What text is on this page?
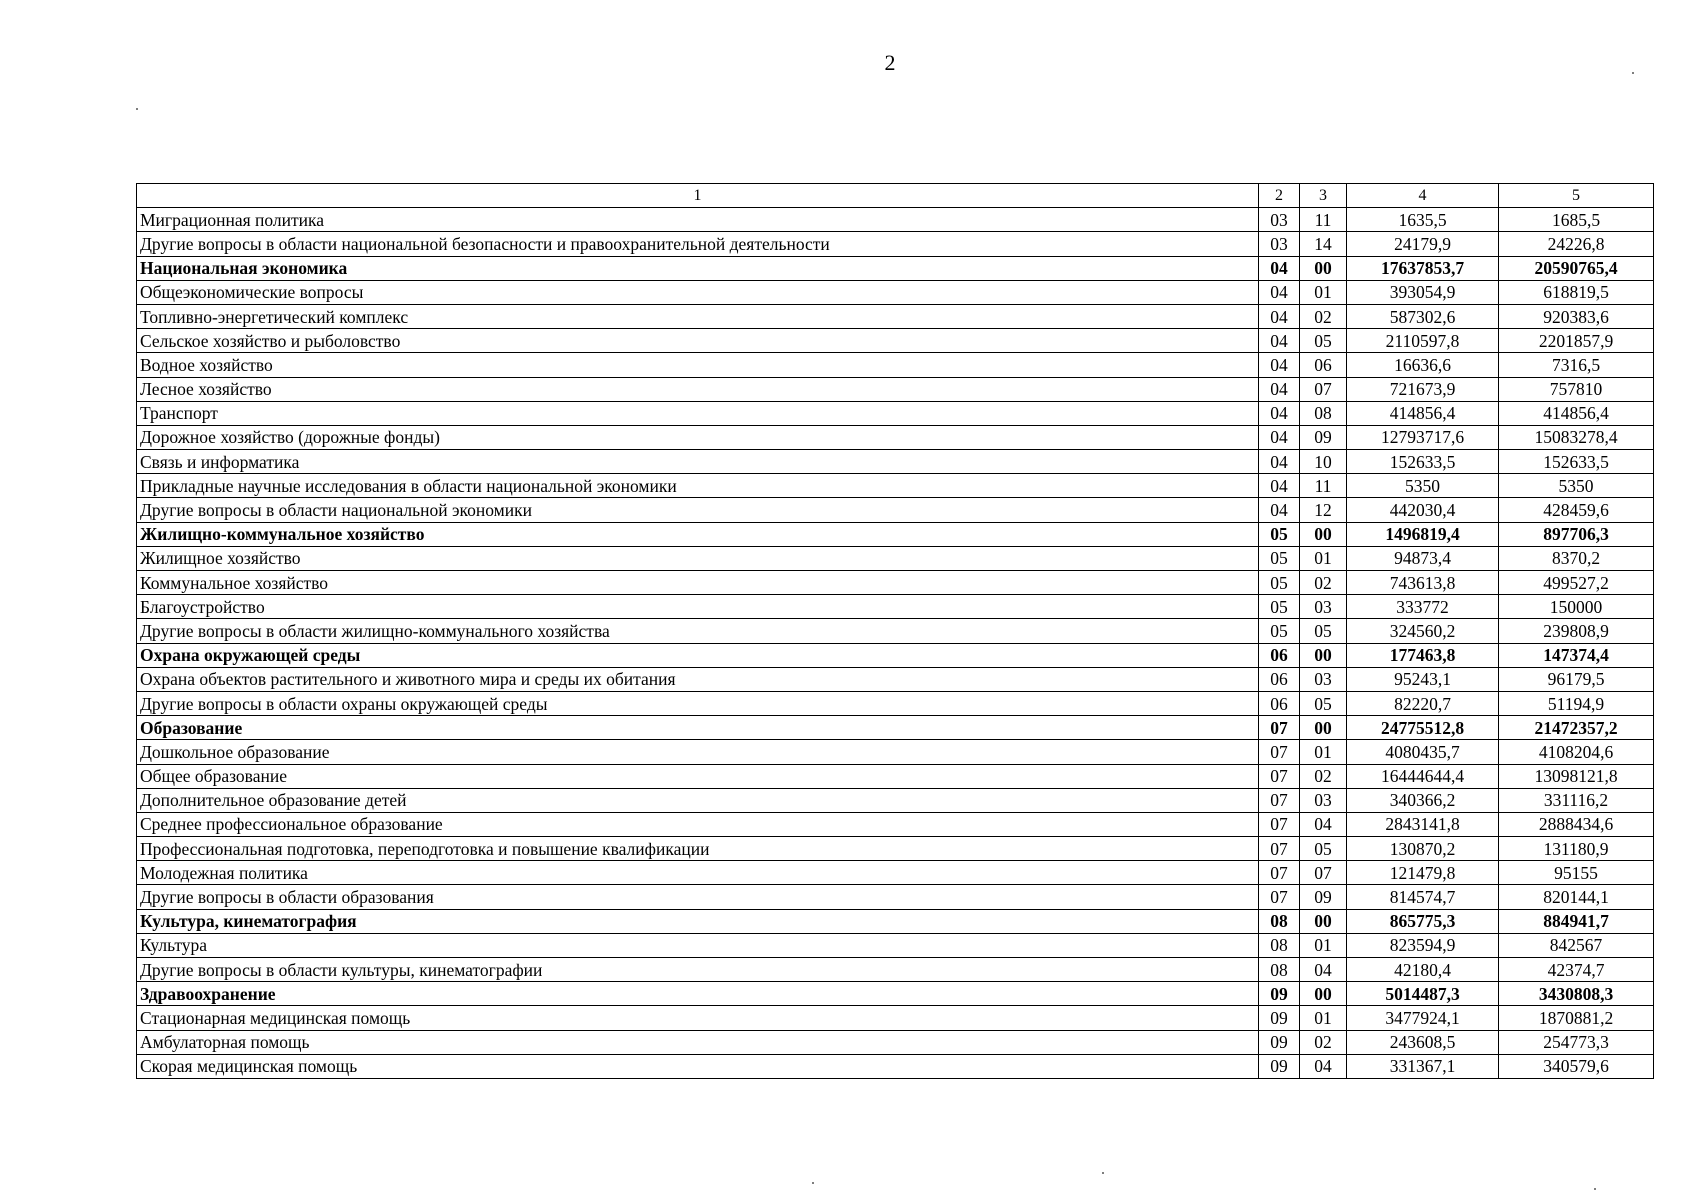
2
1	2	3	4	5
Миграционная политика	03	11	1635,5	1685,5
Другие вопросы в области национальной безопасности и правоохранительной деятельности	03	14	24179,9	24226,8
Национальная экономика	04	00	17637853,7	20590765,4
Общеэкономические вопросы	04	01	393054,9	618819,5
Топливно-энергетический комплекс	04	02	587302,6	920383,6
Сельское хозяйство и рыболовство	04	05	2110597,8	2201857,9
Водное хозяйство	04	06	16636,6	7316,5
Лесное хозяйство	04	07	721673,9	757810
Транспорт	04	08	414856,4	414856,4
Дорожное хозяйство (дорожные фонды)	04	09	12793717,6	15083278,4
Связь и информатика	04	10	152633,5	152633,5
Прикладные научные исследования в области национальной экономики	04	11	5350	5350
Другие вопросы в области национальной экономики	04	12	442030,4	428459,6
Жилищно-коммунальное хозяйство	05	00	1496819,4	897706,3
Жилищное хозяйство	05	01	94873,4	8370,2
Коммунальное хозяйство	05	02	743613,8	499527,2
Благоустройство	05	03	333772	150000
Другие вопросы в области жилищно-коммунального хозяйства	05	05	324560,2	239808,9
Охрана окружающей среды	06	00	177463,8	147374,4
Охрана объектов растительного и животного мира и среды их обитания	06	03	95243,1	96179,5
Другие вопросы в области охраны окружающей среды	06	05	82220,7	51194,9
Образование	07	00	24775512,8	21472357,2
Дошкольное образование	07	01	4080435,7	4108204,6
Общее образование	07	02	16444644,4	13098121,8
Дополнительное образование детей	07	03	340366,2	331116,2
Среднее профессиональное образование	07	04	2843141,8	2888434,6
Профессиональная подготовка, переподготовка и повышение квалификации	07	05	130870,2	131180,9
Молодежная политика	07	07	121479,8	95155
Другие вопросы в области образования	07	09	814574,7	820144,1
Культура, кинематография	08	00	865775,3	884941,7
Культура	08	01	823594,9	842567
Другие вопросы в области культуры, кинематографии	08	04	42180,4	42374,7
Здравоохранение	09	00	5014487,3	3430808,3
Стационарная медицинская помощь	09	01	3477924,1	1870881,2
Амбулаторная помощь	09	02	243608,5	254773,3
Скорая медицинская помощь	09	04	331367,1	340579,6
